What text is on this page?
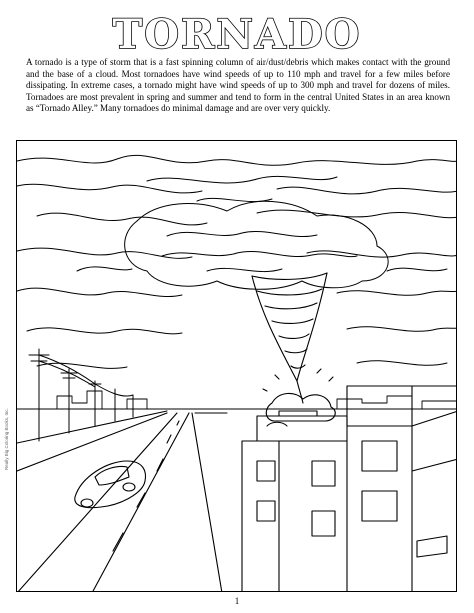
TORNADO
A tornado is a type of storm that is a fast spinning column of air/dust/debris which makes contact with the ground and the base of a cloud. Most tornadoes have wind speeds of up to 110 mph and travel for a few miles before dissipating. In extreme cases, a tornado might have wind speeds of up to 300 mph and travel for dozens of miles. Tornadoes are most prevalent in spring and summer and tend to form in the central United States in an area known as “Tornado Alley.” Many tornadoes do minimal damage and are over very quickly.
Really Big Coloring Books, Inc.
1
